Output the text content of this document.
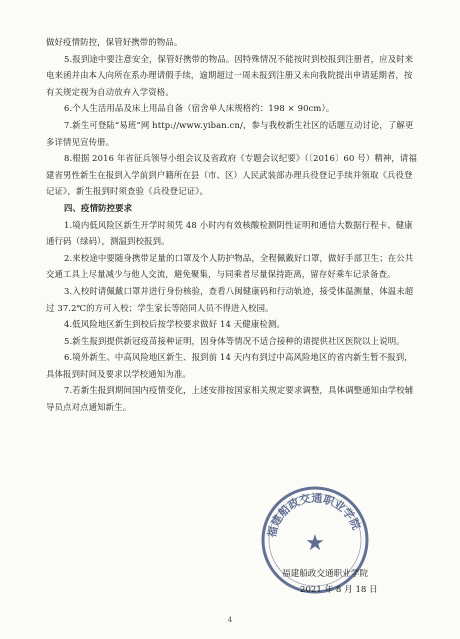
做好疫情防控，保管好携带的物品。

5.报到途中要注意安全，保管好携带的物品。因特殊情况不能按时到校报到注册者，应及时来电来函并由本人向所在系办理请假手续，逾期超过一周未报到注册又未向我院提出申请延期者，按有关规定视为自动放弃入学资格。

6.个人生活用品及床上用品自备（宿舍单人床规格约：198 × 90cm）。

7.新生可登陆“易班”网 http://www.yiban.cn/，参与我校新生社区的话题互动讨论，了解更多详情见宣传册。

8.根据 2016 年省征兵领导小组会议及省政府《专题会议纪要》（〔2016〕60 号）精神，请福建省男性新生在报到入学前到户籍所在县（市、区）人民武装部办理兵役登记手续并领取《兵役登记证》，新生报到时须查验《兵役登记证》。

四、疫情防控要求

1.境内低风险区新生开学时须凭 48 小时内有效核酸检测阴性证明和通信大数据行程卡、健康通行码（绿码），测温到校报到。

2.来校途中要随身携带足量的口罩及个人防护物品，全程佩戴好口罩，做好手部卫生；在公共交通工具上尽量减少与他人交流，避免聚集，与同乘者尽量保持距离，留存好乘车记录备查。

3.入校时请佩戴口罩并进行身份核验，查看八闽健康码和行动轨迹，接受体温测量，体温未超过 37.2℃的方可入校；学生家长等陪同人员不得进入校园。

4.低风险地区新生到校后按学校要求做好 14 天健康检测。

5.新生报到提供新冠疫苗接种证明，因身体等情况不适合接种的请提供社区医院以上说明。

6.境外新生、中高风险地区新生、报到前 14 天内有到过中高风险地区的省内新生暂不报到，具体报到时间及要求以学校通知为准。

7.若新生报到期间国内疫情变化，上述安排按国家相关规定要求调整，具体调整通知由学校辅导员点对点通知新生。

福建船政交通职业学院
★
福建船政交通职业学院
2021 年 8 月 18 日
4
